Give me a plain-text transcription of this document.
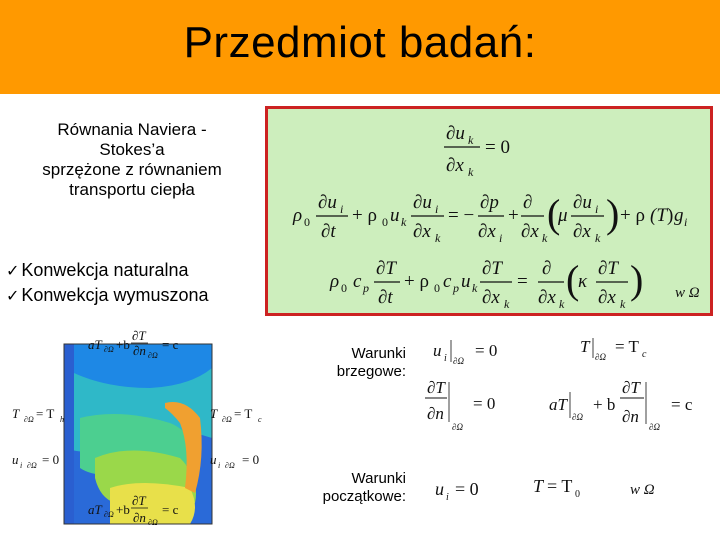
Przedmiot badań:
Równania Naviera -
Stokes’a
sprzężone z równaniem
transportu ciepła
✓ Konwekcja naturalna
✓ Konwekcja wymuszona
∂u k
∂x k
= 0
ρ 0
∂u i
∂t
+ ρ 0 u k
∂u i
∂x k
= −
∂p
∂x i
+
∂
∂x k
(
μ
∂u i
∂x k
) + ρ (T ) g i
ρ 0 c p
∂T
∂t
+ ρ 0 c p u k
∂T
∂x k
=
∂
∂x k
(
κ
∂T
∂x k
) w Ω
aT ∂Ω +b
∂T
∂n ∂Ω
= c
aT ∂Ω +b
∂T
∂n ∂Ω
= c
T ∂Ω = T h
u i ∂Ω = 0
T ∂Ω = T c
u i ∂Ω = 0
Warunki
brzegowe:
u i ∂Ω
= 0	T
∂Ω
= T c
∂T
∂n
∂Ω
= 0	aT
∂Ω
+ b
∂T
∂n
∂Ω
= c
Warunki
początkowe: u i = 0	T = T 0	w Ω
